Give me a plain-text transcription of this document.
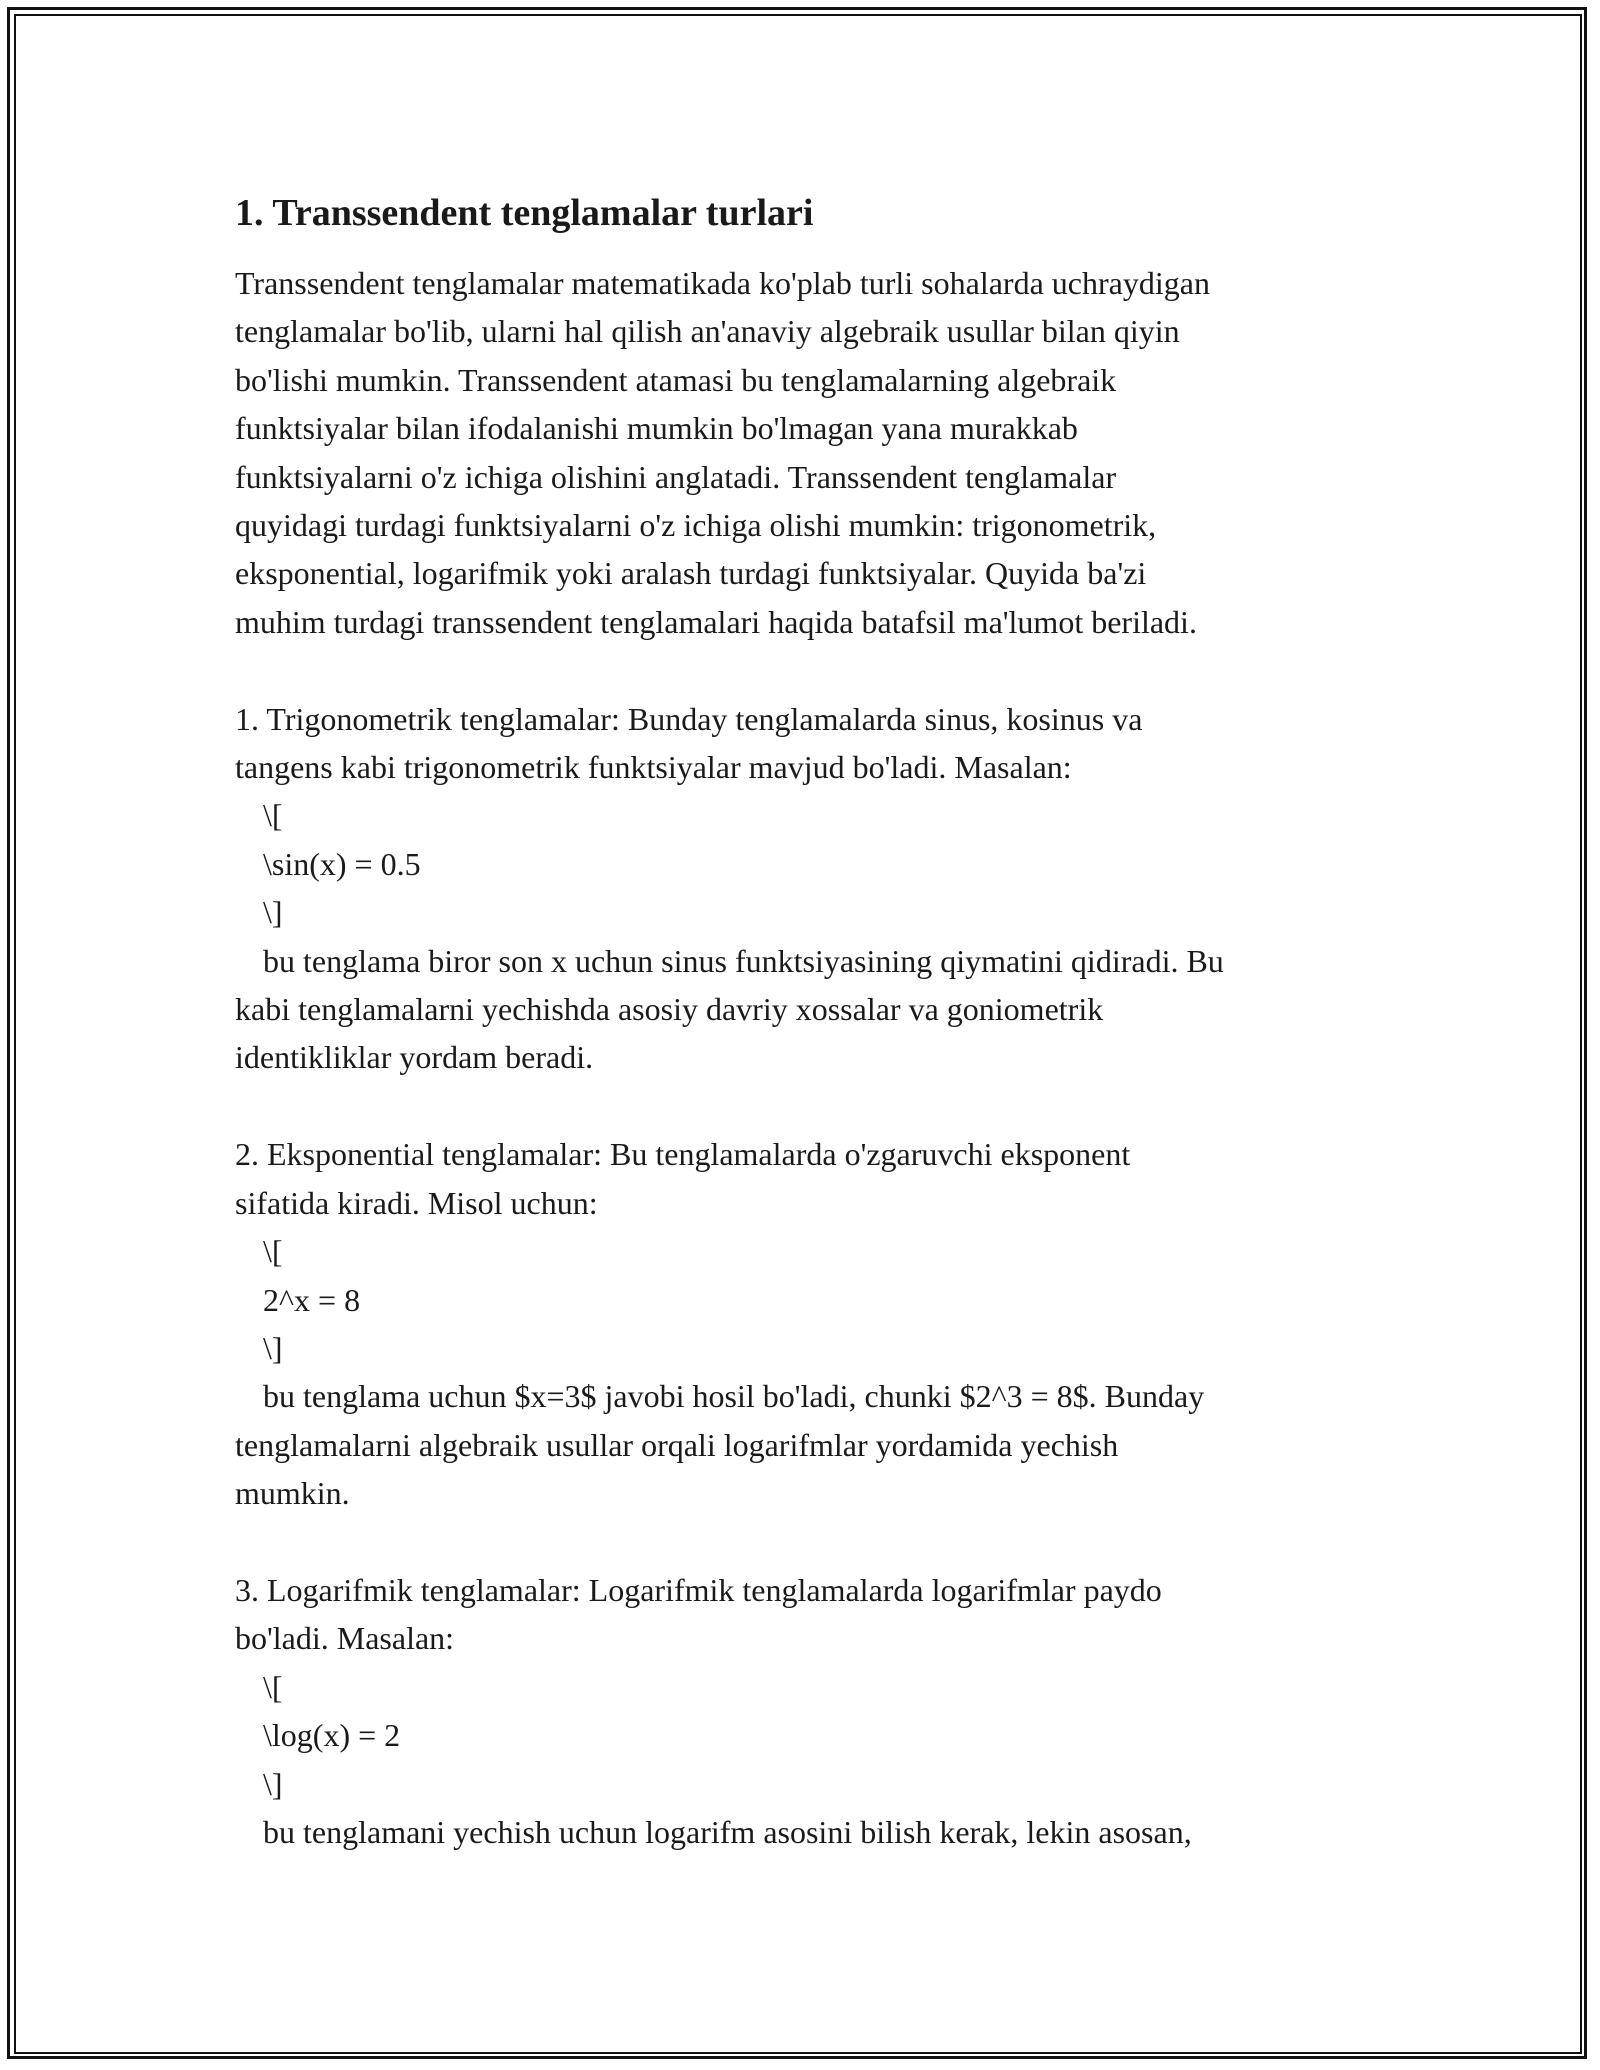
1. Transsendent tenglamalar turlari
Transsendent tenglamalar matematikada ko'plab turli sohalarda uchraydigan
tenglamalar bo'lib, ularni hal qilish an'anaviy algebraik usullar bilan qiyin
bo'lishi mumkin. Transsendent atamasi bu tenglamalarning algebraik
funktsiyalar bilan ifodalanishi mumkin bo'lmagan yana murakkab
funktsiyalarni o'z ichiga olishini anglatadi. Transsendent tenglamalar
quyidagi turdagi funktsiyalarni o'z ichiga olishi mumkin: trigonometrik,
eksponential, logarifmik yoki aralash turdagi funktsiyalar. Quyida ba'zi
muhim turdagi transsendent tenglamalari haqida batafsil ma'lumot beriladi.
1. Trigonometrik tenglamalar: Bunday tenglamalarda sinus, kosinus va
tangens kabi trigonometrik funktsiyalar mavjud bo'ladi. Masalan:
\[
\sin(x) = 0.5
\]
bu tenglama biror son x uchun sinus funktsiyasining qiymatini qidiradi. Bu
kabi tenglamalarni yechishda asosiy davriy xossalar va goniometrik
identikliklar yordam beradi.
2. Eksponential tenglamalar: Bu tenglamalarda o'zgaruvchi eksponent
sifatida kiradi. Misol uchun:
\[
2^x = 8
\]
bu tenglama uchun $x=3$ javobi hosil bo'ladi, chunki $2^3 = 8$. Bunday
tenglamalarni algebraik usullar orqali logarifmlar yordamida yechish
mumkin.
3. Logarifmik tenglamalar: Logarifmik tenglamalarda logarifmlar paydo
bo'ladi. Masalan:
\[
\log(x) = 2
\]
bu tenglamani yechish uchun logarifm asosini bilish kerak, lekin asosan,
